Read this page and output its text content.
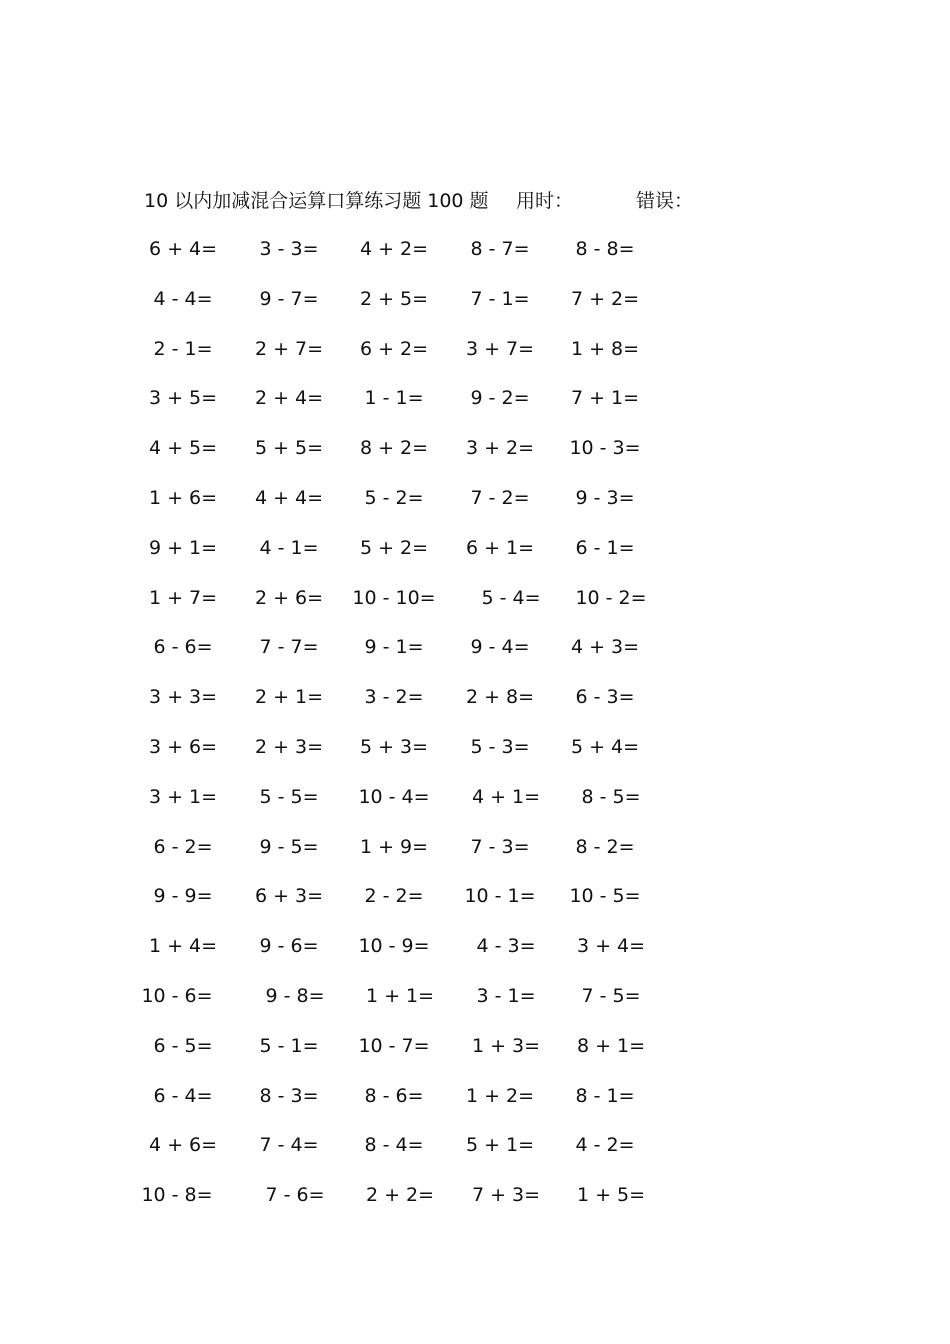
10 以内加减混合运算口算练习题 100 题 用时：	错误：
6 + 4=	3 - 3=	4 + 2=	8 - 7=	8 - 8=
4 - 4=	9 - 7=	2 + 5=	7 - 1=	7 + 2=
2 - 1=	2 + 7=	6 + 2=	3 + 7=	1 + 8=
3 + 5=	2 + 4=	1 - 1=	9 - 2=	7 + 1=
4 + 5=	5 + 5=	8 + 2=	3 + 2=	10 - 3=
1 + 6=	4 + 4=	5 - 2=	7 - 2=	9 - 3=
9 + 1=	4 - 1=	5 + 2=	6 + 1=	6 - 1=
1 + 7=	2 + 6=	10 - 10=	5 - 4=	10 - 2=
6 - 6=	7 - 7=	9 - 1=	9 - 4=	4 + 3=
3 + 3=	2 + 1=	3 - 2=	2 + 8=	6 - 3=
3 + 6=	2 + 3=	5 + 3=	5 - 3=	5 + 4=
3 + 1=	5 - 5=	10 - 4=	4 + 1=	8 - 5=
6 - 2=	9 - 5=	1 + 9=	7 - 3=	8 - 2=
9 - 9=	6 + 3=	2 - 2=	10 - 1=	10 - 5=
1 + 4=	9 - 6=	10 - 9=	4 - 3=	3 + 4=
10 - 6=	9 - 8=	1 + 1=	3 - 1=	7 - 5=
6 - 5=	5 - 1=	10 - 7=	1 + 3=	8 + 1=
6 - 4=	8 - 3=	8 - 6=	1 + 2=	8 - 1=
4 + 6=	7 - 4=	8 - 4=	5 + 1=	4 - 2=
10 - 8=	7 - 6=	2 + 2=	7 + 3=	1 + 5=
